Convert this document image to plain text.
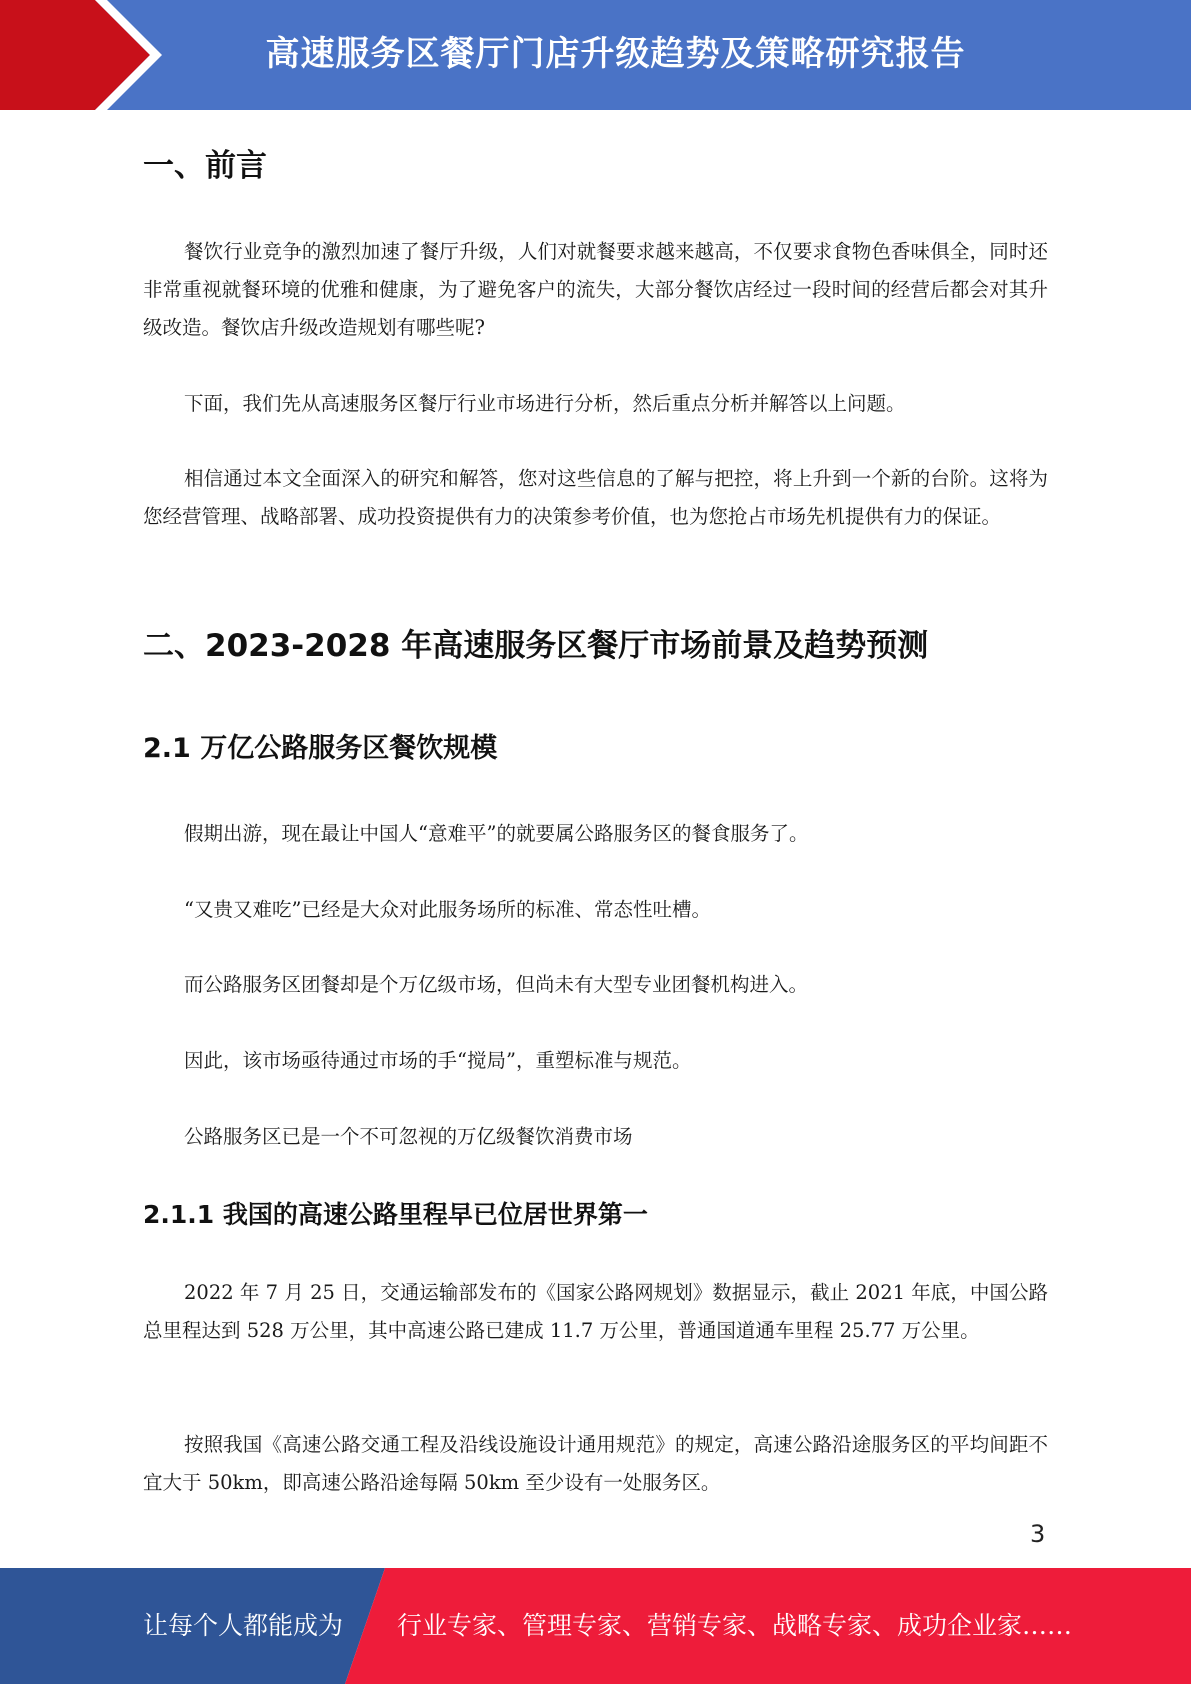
高速服务区餐厅门店升级趋势及策略研究报告
一、前言

餐饮行业竞争的激烈加速了餐厅升级，人们对就餐要求越来越高，不仅要求食物色香味俱全，同时还非常重视就餐环境的优雅和健康，为了避免客户的流失，大部分餐饮店经过一段时间的经营后都会对其升级改造。餐饮店升级改造规划有哪些呢?

下面，我们先从高速服务区餐厅行业市场进行分析，然后重点分析并解答以上问题。

相信通过本文全面深入的研究和解答，您对这些信息的了解与把控，将上升到一个新的台阶。这将为您经营管理、战略部署、成功投资提供有力的决策参考价值，也为您抢占市场先机提供有力的保证。

二、2023-2028 年高速服务区餐厅市场前景及趋势预测
2.1 万亿公路服务区餐饮规模

假期出游，现在最让中国人“意难平”的就要属公路服务区的餐食服务了。

“又贵又难吃”已经是大众对此服务场所的标准、常态性吐槽。

而公路服务区团餐却是个万亿级市场，但尚未有大型专业团餐机构进入。

因此，该市场亟待通过市场的手“搅局”，重塑标准与规范。

公路服务区已是一个不可忽视的万亿级餐饮消费市场

2.1.1 我国的高速公路里程早已位居世界第一

2022 年 7 月 25 日，交通运输部发布的《国家公路网规划》数据显示，截止 2021 年底，中国公路总里程达到 528 万公里，其中高速公路已建成 11.7 万公里，普通国道通车里程 25.77 万公里。

按照我国《高速公路交通工程及沿线设施设计通用规范》的规定，高速公路沿途服务区的平均间距不宜大于 50km，即高速公路沿途每隔 50km 至少设有一处服务区。

3
让每个人都能成为 行业专家、管理专家、营销专家、战略专家、成功企业家……
